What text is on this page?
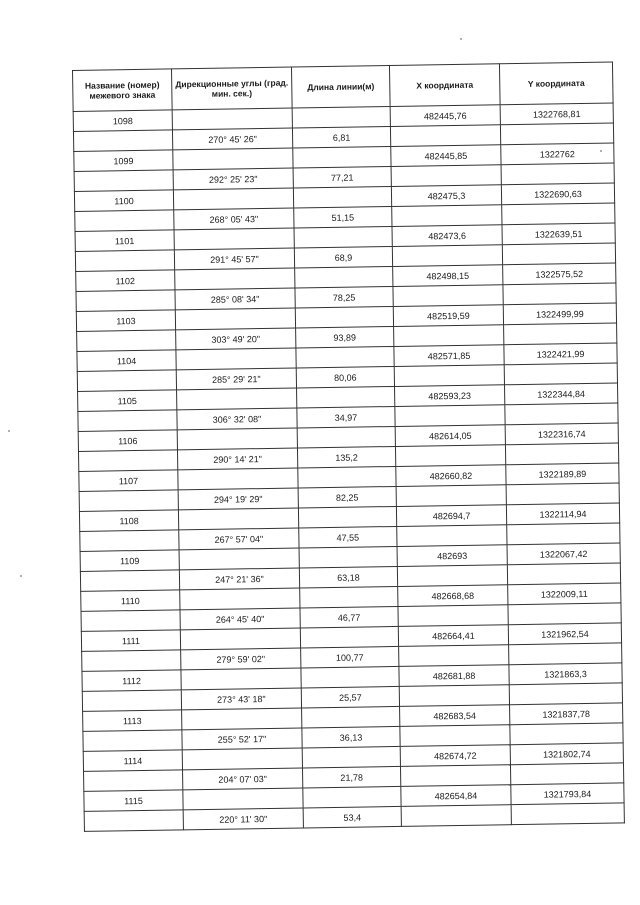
Название (номер) межевого знака	Дирекционные углы (град. мин. сек.)	Длина линии(м)	X координата	Y координата
1098			482445,76	1322768,81
	270° 45' 26"	6,81		
1099			482445,85	1322762
	292° 25' 23"	77,21		
1100			482475,3	1322690,63
	268° 05' 43"	51,15		
1101			482473,6	1322639,51
	291° 45' 57"	68,9		
1102			482498,15	1322575,52
	285° 08' 34"	78,25		
1103			482519,59	1322499,99
	303° 49' 20"	93,89		
1104			482571,85	1322421,99
	285° 29' 21"	80,06		
1105			482593,23	1322344,84
	306° 32' 08"	34,97		
1106			482614,05	1322316,74
	290° 14' 21"	135,2		
1107			482660,82	1322189,89
	294° 19' 29"	82,25		
1108			482694,7	1322114,94
	267° 57' 04"	47,55		
1109			482693	1322067,42
	247° 21' 36"	63,18		
1110			482668,68	1322009,11
	264° 45' 40"	46,77		
1111			482664,41	1321962,54
	279° 59' 02"	100,77		
1112			482681,88	1321863,3
	273° 43' 18"	25,57		
1113			482683,54	1321837,78
	255° 52' 17"	36,13		
1114			482674,72	1321802,74
	204° 07' 03"	21,78		
1115			482654,84	1321793,84
	220° 11' 30"	53,4		
